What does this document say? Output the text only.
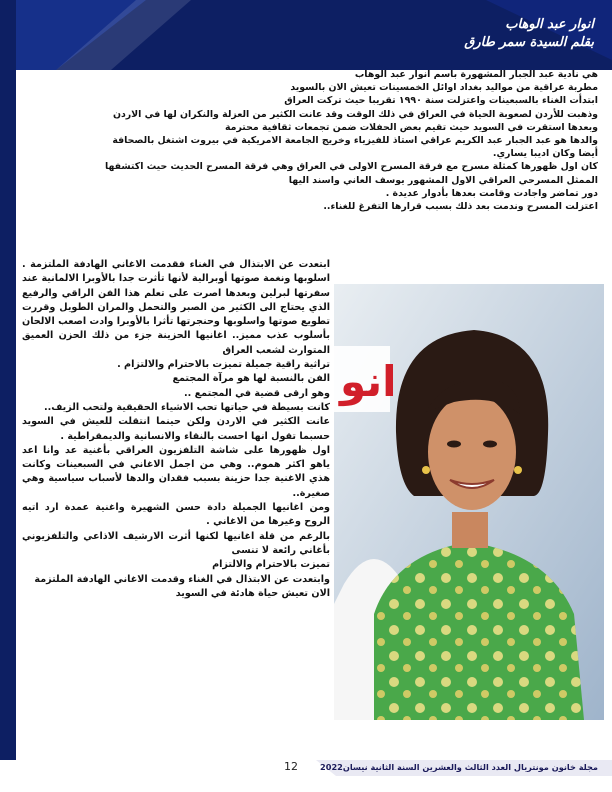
انوار عبد الوهاب
بقلم السيدة سمر طارق

هي نادية عبد الجبار المشهورة باسم انوار عبد الوهاب

مطربة عراقية من مواليد بغداد اوائل الخمسينات تعيش الان بالسويد

ابتدأت الغناء بالسبعينات واعتزلت سنة ١٩٩٠ تقريبا حيث تركت العراق

وذهبت للأردن لصعوبة الحياة في العراق في ذلك الوقت وقد عانت الكثير من العزلة والنكران لها في الاردن

وبعدها استقرت في السويد حيث تقيم بعض الحفلات ضمن تجمعات ثقافية محترمة

والدها هو عبد الجبار عبد الكريم عراقي استاذ للفيزياء وخريج الجامعة الامريكية في بيروت اشتغل بالصحافة

أيضا وكان اديبا يساري.

كان اول ظهورها كمثلة مسرح مع فرقة المسرح الاولى في العراق وهي فرقة المسرح الحديث حيث اكتشفها

الممثل المسرحي العراقي الاول المشهور يوسف العاني واسند اليها

دور تماضر واجادت وقامت بعدها بأدوار عديدة .

اعتزلت المسرح وندمت بعد ذلك بسبب قرارها التفرغ للغناء..

ابتعدت عن الابتذال في الغناء فقدمت الاغاني الهادفة الملتزمة . اسلوبها ونغمة صوتها أوبرالية لأنها تأثرت جدا بالأوبرا الالمانية عند سفرتها لبرلين وبعدها اصرت على تعلم هذا الفن الراقي والرفيع الذي يحتاج الى الكثير من الصبر والتحمل والمران الطويل وقررت تطويع صوتها واسلوبها وحنجرتها تأثرا بالأوبرا وادت اصعب الالحان بأسلوب عذب مميز.. اغانيها الحزينة جزء من ذلك الحزن العميق المتوارث لشعب العراق

تراثية راقية جميلة تميزت بالاحترام والالتزام .

الفن بالنسبة لها هو مرآة المجتمع

وهو ارقى قضية في المجتمع ..

كانت بسيطة في حياتها تحب الاشياء الحقيقية ولتحب الزيف..

عانت الكثير في الاردن ولكن حينما انتقلت للعيش في السويد حسبما تقول انها احست بالنقاء والانسانية والديمقراطية .

اول ظهورها على شاشة التلفزيون العراقي بأغنية عد وانا اعد ياهو اكثر هموم.. وهي من اجمل الاغاني في السبعينات وكانت هذي الاغنية جدا حزينة بسبب فقدان والدها لأسباب سياسية وهي صغيرة..

ومن اغانيها الجميلة دادة حسن الشهيرة واغنية عمدة ارد اتيه الروح وغيرها من الاغاني .

بالرغم من قلة اغانيها لكنها أثرت الارشيف الاذاعي والتلفزيوني بأغاني رائعة لا تنسى

تميزت بالاحترام والالتزام

وابتعدت عن الابتذال في الغناء وقدمت الاغاني الهادفة الملتزمة

الان تعيش حياة هادئة في السويد

انو
12	مجلة خانون مونتريال العدد الثالث والعشرين السنة الثانية نيسان2022
